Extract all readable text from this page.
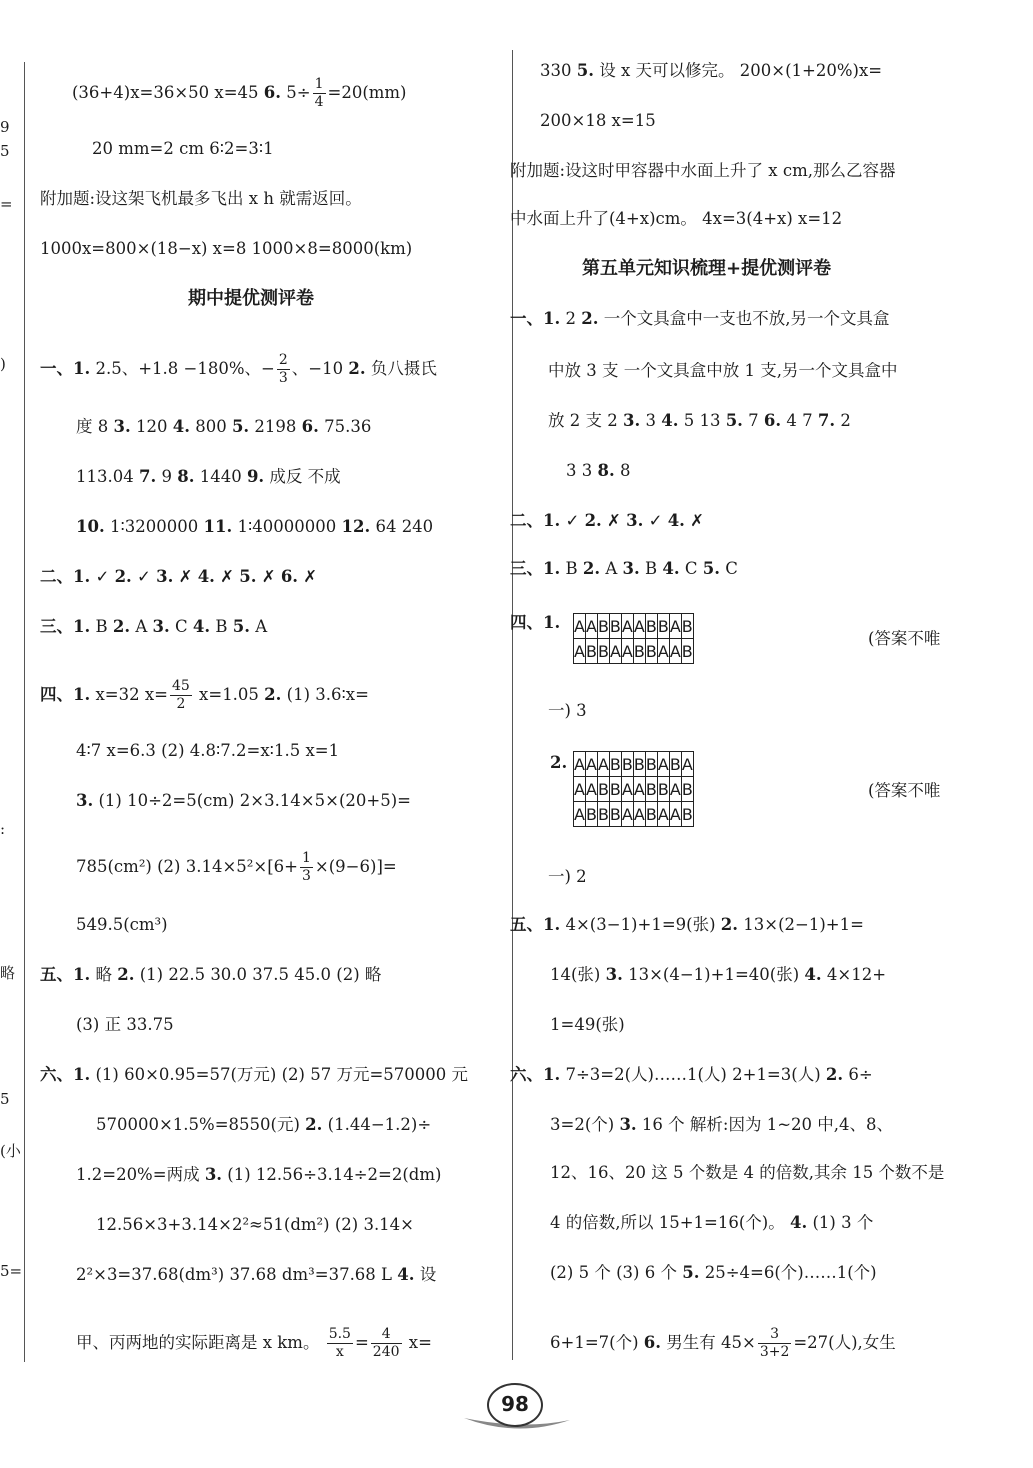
9
5
=
)
:
略
5
(小
5=
(36+4)x=36×50 x=45 6. $5\div \frac{1}{4} =20(mm)$
20 mm=2 cm 6∶2=3∶1
附加题:设这架飞机最多飞出 x h 就需返回。
1000x=800×(18−x) x=8 1000×8=8000(km)
期中提优测评卷
一、1. 2.5、+1.8 −180%、− $\frac{2}{3}$ 、−10 2. 负八摄氏
度 8 3. 120 4. 800 5. 2198 6. 75.36
113.04 7. 9 8. 1440 9. 成反 不成
10. 1∶3200000 11. 1∶40000000 12. 64 240
二、1. ✓ 2. ✓ 3. ✗ 4. ✗ 5. ✗ 6. ✗
三、1. B 2. A 3. C 4. B 5. A
四、1. x=32 $x= \frac{45}{2} x=1.05$ 2. (1) 3.6∶x=
4∶7 x=6.3 (2) 4.8∶7.2=x∶1.5 x=1
3. (1) 10÷2=5(cm) 2×3.14×5×(20+5)=
785(cm²) (2) $3.14\times 5^2\times[6+ \frac{1}{3} \times(9-6)]=$
549.5(cm³)
五、1. 略 2. (1) 22.5 30.0 37.5 45.0 (2) 略
(3) 正 33.75
六、1. (1) 60×0.95=57(万元) (2) 57 万元=570000 元
570000×1.5%=8550(元) 2. (1.44−1.2)÷
1.2=20%=两成 3. (1) 12.56÷3.14÷2=2(dm)
12.56×3+3.14×2²≈51(dm²) (2) 3.14×
2²×3=37.68(dm³) 37.68 dm³=37.68 L 4. 设
甲、丙两地的实际距离是 x km。 $\frac{5.5}{x} = \frac{4}{240} x=$
330 5. 设 x 天可以修完。 200×(1+20%)x=
200×18 x=15
附加题:设这时甲容器中水面上升了 x cm,那么乙容器
中水面上升了(4+x)cm。 4x=3(4+x) x=12
第五单元知识梳理+提优测评卷
一、1. 2 2. 一个文具盒中一支也不放,另一个文具盒
中放 3 支 一个文具盒中放 1 支,另一个文具盒中
放 2 支 2 3. 3 4. 5 13 5. 7 6. 4 7 7. 2
3 3 8. 8
二、1. ✓ 2. ✗ 3. ✓ 4. ✗
三、1. B 2. A 3. B 4. C 5. C
四、1. A	A	B	B	A	A	B	B	A	B
A	B	B	A	A	B	B	A	A	B
(答案不唯
一) 3
2. A	A	A	B	B	B	B	A	B	A
A	A	B	B	A	A	B	B	A	B
A	B	B	B	A	A	B	A	A	B
(答案不唯
一) 2
五、1. 4×(3−1)+1=9(张) 2. 13×(2−1)+1=
14(张) 3. 13×(4−1)+1=40(张) 4. 4×12+
1=49(张)
六、1. 7÷3=2(人)……1(人) 2+1=3(人) 2. 6÷
3=2(个) 3. 16 个 解析:因为 1~20 中,4、8、
12、16、20 这 5 个数是 4 的倍数,其余 15 个数不是
4 的倍数,所以 15+1=16(个)。 4. (1) 3 个
(2) 5 个 (3) 6 个 5. 25÷4=6(个)……1(个)
6+1=7(个) 6. 男生有 $45\times \frac{3}{3+2} =27$(人),女生
98
